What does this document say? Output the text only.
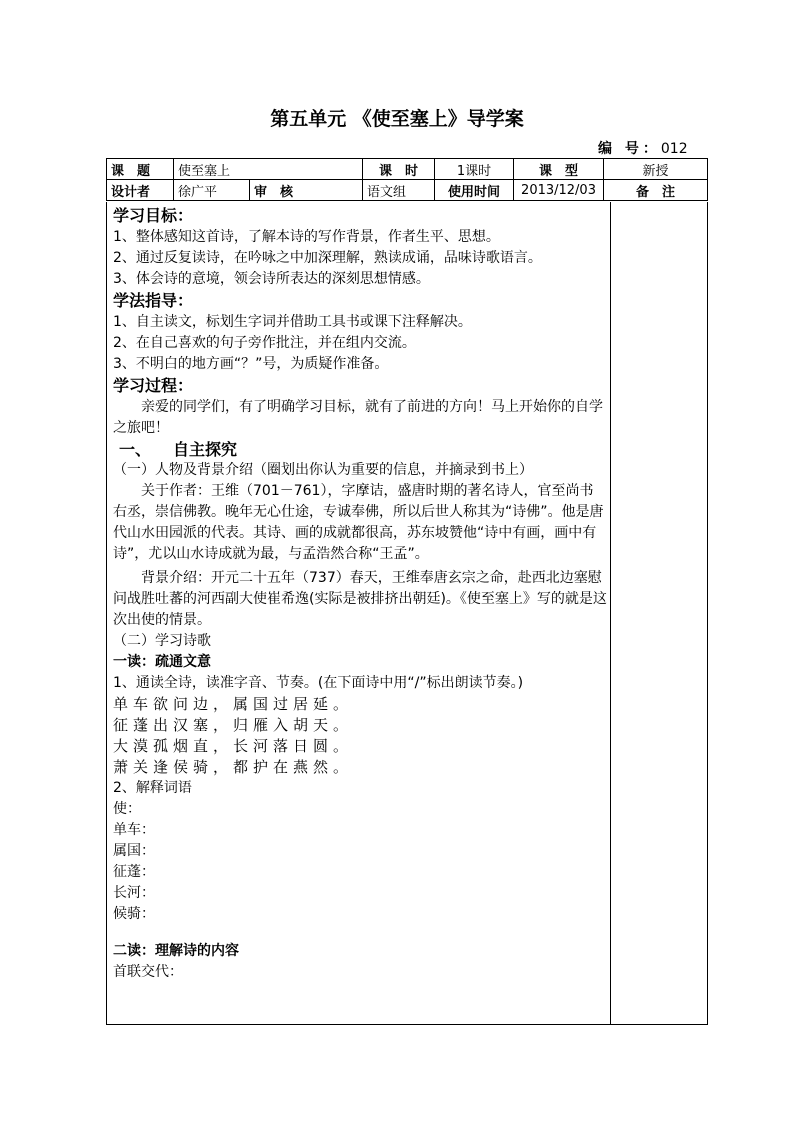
第五单元 《使至塞上》导学案
编 号：012
课　题	使至塞上		课　时	1课时	课　型	新授
设计者	徐广平	审　核	语文组	使用时间	2013/12/03	备　注

学习目标：

1、整体感知这首诗，了解本诗的写作背景，作者生平、思想。

2、通过反复读诗，在吟咏之中加深理解，熟读成诵，品味诗歌语言。

3、体会诗的意境，领会诗所表达的深刻思想情感。

学法指导：

1、自主读文，标划生字词并借助工具书或课下注释解决。

2、在自己喜欢的句子旁作批注，并在组内交流。

3、不明白的地方画“？”号，为质疑作准备。

学习过程：

亲爱的同学们，有了明确学习目标，就有了前进的方向！马上开始你的自学之旅吧！

一、 自主探究

（一）人物及背景介绍（圈划出你认为重要的信息，并摘录到书上）

关于作者：王维（701－761），字摩诘，盛唐时期的著名诗人，官至尚书右丞，崇信佛教。晚年无心仕途，专诚奉佛，所以后世人称其为“诗佛”。他是唐代山水田园派的代表。其诗、画的成就都很高，苏东坡赞他“诗中有画，画中有诗”，尤以山水诗成就为最，与孟浩然合称“王孟”。

背景介绍：开元二十五年（737）春天，王维奉唐玄宗之命，赴西北边塞慰问战胜吐蕃的河西副大使崔希逸(实际是被排挤出朝廷)。《使至塞上》写的就是这次出使的情景。

（二）学习诗歌

一读：疏通文意

1、通读全诗，读准字音、节奏。(在下面诗中用“/”标出朗读节奏。)

单车欲问边，属国过居延。

征蓬出汉塞，归雁入胡天。

大漠孤烟直，长河落日圆。

萧关逢侯骑，都护在燕然。

2、解释词语

使：

单车：

属国：

征蓬：

长河：

候骑：

二读：理解诗的内容

首联交代：
